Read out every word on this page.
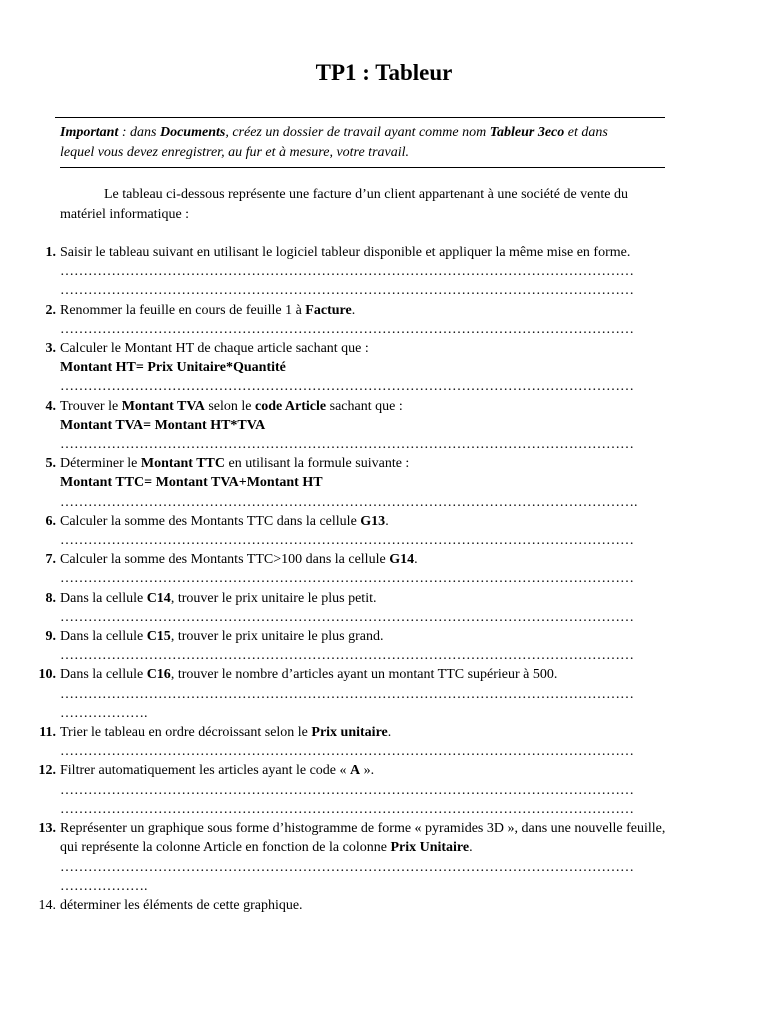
TP1 : Tableur
Important : dans Documents, créez un dossier de travail ayant comme nom Tableur 3eco et dans
lequel vous devez enregistrer, au fur et à mesure, votre travail.
Le tableau ci-dessous représente une facture d’un client appartenant à une société de vente du
matériel informatique :
1. Saisir le tableau suivant en utilisant le logiciel tableur disponible et appliquer la même mise en forme.
……………………………………………………………………………………………………………
……………………………………………………………………………………………………………
2. Renommer la feuille en cours de feuille 1 à Facture.
……………………………………………………………………………………………………………
3. Calculer le Montant HT de chaque article sachant que :
Montant HT= Prix Unitaire*Quantité
……………………………………………………………………………………………………………
4. Trouver le Montant TVA selon le code Article sachant que :
Montant TVA= Montant HT*TVA
……………………………………………………………………………………………………………
5. Déterminer le Montant TTC en utilisant la formule suivante :
Montant TTC= Montant TVA+Montant HT
…………………………………………………………………………………………………………….
6. Calculer la somme des Montants TTC dans la cellule G13.
……………………………………………………………………………………………………………
7. Calculer la somme des Montants TTC>100 dans la cellule G14.
……………………………………………………………………………………………………………
8. Dans la cellule C14, trouver le prix unitaire le plus petit.
……………………………………………………………………………………………………………
9. Dans la cellule C15, trouver le prix unitaire le plus grand.
……………………………………………………………………………………………………………
10. Dans la cellule C16, trouver le nombre d’articles ayant un montant TTC supérieur à 500.
……………………………………………………………………………………………………………
……………….
11. Trier le tableau en ordre décroissant selon le Prix unitaire.
……………………………………………………………………………………………………………
12. Filtrer automatiquement les articles ayant le code « A ».
……………………………………………………………………………………………………………
……………………………………………………………………………………………………………
13. Représenter un graphique sous forme d’histogramme de forme « pyramides 3D », dans une nouvelle feuille,
qui représente la colonne Article en fonction de la colonne Prix Unitaire.
……………………………………………………………………………………………………………
……………….
14. déterminer les éléments de cette graphique.
